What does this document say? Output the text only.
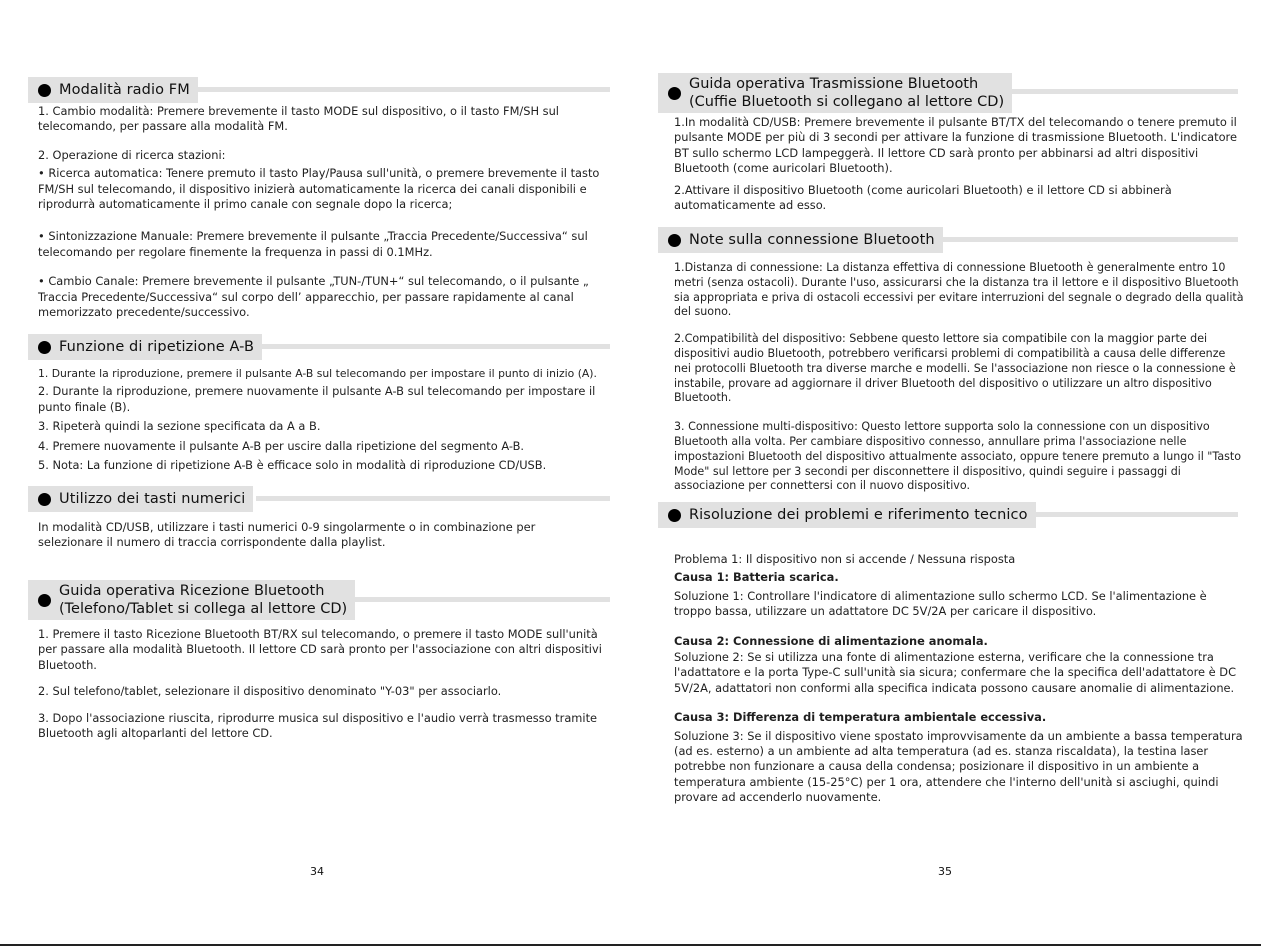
Modalità radio FM

1. Cambio modalità: Premere brevemente il tasto MODE sul dispositivo, o il tasto FM/SH sul telecomando, per passare alla modalità FM.

2. Operazione di ricerca stazioni:

• Ricerca automatica: Tenere premuto il tasto Play/Pausa sull'unità, o premere brevemente il tasto FM/SH sul telecomando, il dispositivo inizierà automaticamente la ricerca dei canali disponibili e riprodurrà automaticamente il primo canale con segnale dopo la ricerca;

• Sintonizzazione Manuale: Premere brevemente il pulsante „Traccia Precedente/Successiva“ sul telecomando per regolare finemente la frequenza in passi di 0.1MHz.

• Cambio Canale: Premere brevemente il pulsante „TUN-/TUN+“ sul telecomando, o il pulsante „ Traccia Precedente/Successiva“ sul corpo dell’ apparecchio, per passare rapidamente al canal memorizzato precedente/successivo.

Funzione di ripetizione A-B

1. Durante la riproduzione, premere il pulsante A-B sul telecomando per impostare il punto di inizio (A).

2. Durante la riproduzione, premere nuovamente il pulsante A-B sul telecomando per impostare il punto finale (B).

3. Ripeterà quindi la sezione specificata da A a B.

4. Premere nuovamente il pulsante A-B per uscire dalla ripetizione del segmento A-B.

5. Nota: La funzione di ripetizione A-B è efficace solo in modalità di riproduzione CD/USB.

Utilizzo dei tasti numerici

In modalità CD/USB, utilizzare i tasti numerici 0-9 singolarmente o in combinazione per selezionare il numero di traccia corrispondente dalla playlist.

Guida operativa Ricezione Bluetooth
(Telefono/Tablet si collega al lettore CD)

1. Premere il tasto Ricezione Bluetooth BT/RX sul telecomando, o premere il tasto MODE sull'unità per passare alla modalità Bluetooth. Il lettore CD sarà pronto per l'associazione con altri dispositivi Bluetooth.

2. Sul telefono/tablet, selezionare il dispositivo denominato "Y-03" per associarlo.

3. Dopo l'associazione riuscita, riprodurre musica sul dispositivo e l'audio verrà trasmesso tramite Bluetooth agli altoparlanti del lettore CD.

34
Guida operativa Trasmissione Bluetooth
(Cuffie Bluetooth si collegano al lettore CD)

1.In modalità CD/USB: Premere brevemente il pulsante BT/TX del telecomando o tenere premuto il pulsante MODE per più di 3 secondi per attivare la funzione di trasmissione Bluetooth. L'indicatore BT sullo schermo LCD lampeggerà. Il lettore CD sarà pronto per abbinarsi ad altri dispositivi Bluetooth (come auricolari Bluetooth).

2.Attivare il dispositivo Bluetooth (come auricolari Bluetooth) e il lettore CD si abbinerà automaticamente ad esso.

Note sulla connessione Bluetooth

1.Distanza di connessione: La distanza effettiva di connessione Bluetooth è generalmente entro 10 metri (senza ostacoli). Durante l'uso, assicurarsi che la distanza tra il lettore e il dispositivo Bluetooth sia appropriata e priva di ostacoli eccessivi per evitare interruzioni del segnale o degrado della qualità del suono.

2.Compatibilità del dispositivo: Sebbene questo lettore sia compatibile con la maggior parte dei dispositivi audio Bluetooth, potrebbero verificarsi problemi di compatibilità a causa delle differenze nei protocolli Bluetooth tra diverse marche e modelli. Se l'associazione non riesce o la connessione è instabile, provare ad aggiornare il driver Bluetooth del dispositivo o utilizzare un altro dispositivo Bluetooth.

3. Connessione multi-dispositivo: Questo lettore supporta solo la connessione con un dispositivo Bluetooth alla volta. Per cambiare dispositivo connesso, annullare prima l'associazione nelle impostazioni Bluetooth del dispositivo attualmente associato, oppure tenere premuto a lungo il "Tasto Mode" sul lettore per 3 secondi per disconnettere il dispositivo, quindi seguire i passaggi di associazione per connettersi con il nuovo dispositivo.

Risoluzione dei problemi e riferimento tecnico

Problema 1: Il dispositivo non si accende / Nessuna risposta

Causa 1: Batteria scarica.

Soluzione 1: Controllare l'indicatore di alimentazione sullo schermo LCD. Se l'alimentazione è troppo bassa, utilizzare un adattatore DC 5V/2A per caricare il dispositivo.

Causa 2: Connessione di alimentazione anomala.

Soluzione 2: Se si utilizza una fonte di alimentazione esterna, verificare che la connessione tra l'adattatore e la porta Type-C sull'unità sia sicura; confermare che la specifica dell'adattatore è DC 5V/2A, adattatori non conformi alla specifica indicata possono causare anomalie di alimentazione.

Causa 3: Differenza di temperatura ambientale eccessiva.

Soluzione 3: Se il dispositivo viene spostato improvvisamente da un ambiente a bassa temperatura (ad es. esterno) a un ambiente ad alta temperatura (ad es. stanza riscaldata), la testina laser potrebbe non funzionare a causa della condensa; posizionare il dispositivo in un ambiente a temperatura ambiente (15-25°C) per 1 ora, attendere che l'interno dell'unità si asciughi, quindi provare ad accenderlo nuovamente.

35
